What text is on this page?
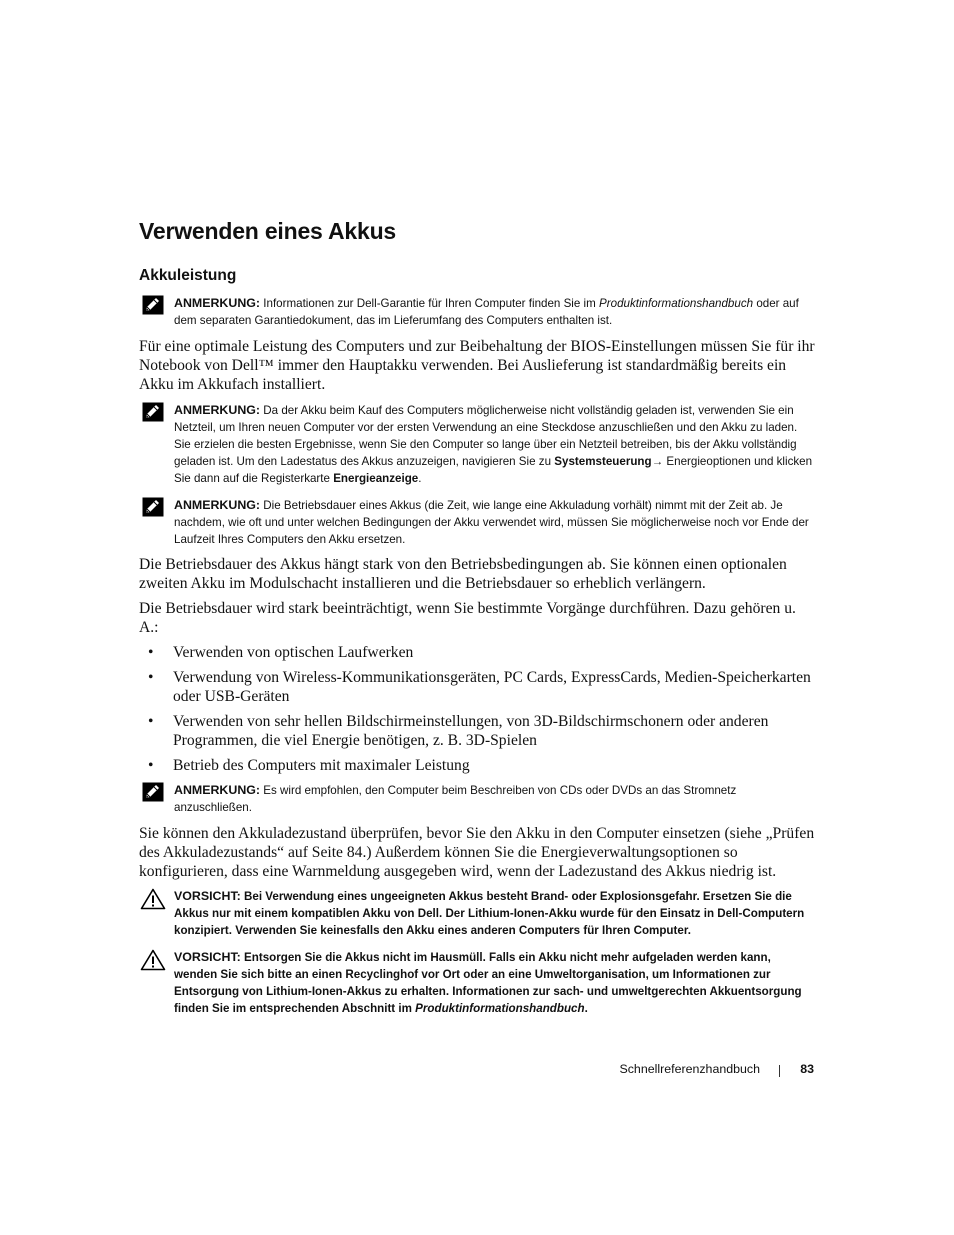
Verwenden eines Akkus
Akkuleistung
ANMERKUNG: Informationen zur Dell-Garantie für Ihren Computer finden Sie im Produktinformationshandbuch oder auf dem separaten Garantiedokument, das im Lieferumfang des Computers enthalten ist.

Für eine optimale Leistung des Computers und zur Beibehaltung der BIOS-Einstellungen müssen Sie für ihr Notebook von Dell™ immer den Hauptakku verwenden. Bei Auslieferung ist standardmäßig bereits ein Akku im Akkufach installiert.

ANMERKUNG: Da der Akku beim Kauf des Computers möglicherweise nicht vollständig geladen ist, verwenden Sie ein Netzteil, um Ihren neuen Computer vor der ersten Verwendung an eine Steckdose anzuschließen und den Akku zu laden. Sie erzielen die besten Ergebnisse, wenn Sie den Computer so lange über ein Netzteil betreiben, bis der Akku vollständig geladen ist. Um den Ladestatus des Akkus anzuzeigen, navigieren Sie zu Systemsteuerung→ Energieoptionen und klicken Sie dann auf die Registerkarte Energieanzeige.
ANMERKUNG: Die Betriebsdauer eines Akkus (die Zeit, wie lange eine Akkuladung vorhält) nimmt mit der Zeit ab. Je nachdem, wie oft und unter welchen Bedingungen der Akku verwendet wird, müssen Sie möglicherweise noch vor Ende der Laufzeit Ihres Computers den Akku ersetzen.

Die Betriebsdauer des Akkus hängt stark von den Betriebsbedingungen ab. Sie können einen optionalen zweiten Akku im Modulschacht installieren und die Betriebsdauer so erheblich verlängern.

Die Betriebsdauer wird stark beeinträchtigt, wenn Sie bestimmte Vorgänge durchführen. Dazu gehören u. A.:

• Verwenden von optischen Laufwerken
• Verwendung von Wireless-Kommunikationsgeräten, PC Cards, ExpressCards, Medien-Speicherkarten oder USB-Geräten
• Verwenden von sehr hellen Bildschirmeinstellungen, von 3D-Bildschirmschonern oder anderen Programmen, die viel Energie benötigen, z. B. 3D-Spielen
• Betrieb des Computers mit maximaler Leistung
ANMERKUNG: Es wird empfohlen, den Computer beim Beschreiben von CDs oder DVDs an das Stromnetz anzuschließen.

Sie können den Akkuladezustand überprüfen, bevor Sie den Akku in den Computer einsetzen (siehe „Prüfen des Akkuladezustands“ auf Seite 84.) Außerdem können Sie die Energieverwaltungsoptionen so konfigurieren, dass eine Warnmeldung ausgegeben wird, wenn der Ladezustand des Akkus niedrig ist.

VORSICHT: Bei Verwendung eines ungeeigneten Akkus besteht Brand- oder Explosionsgefahr. Ersetzen Sie die Akkus nur mit einem kompatiblen Akku von Dell. Der Lithium-Ionen-Akku wurde für den Einsatz in Dell-Computern konzipiert. Verwenden Sie keinesfalls den Akku eines anderen Computers für Ihren Computer.
VORSICHT: Entsorgen Sie die Akkus nicht im Hausmüll. Falls ein Akku nicht mehr aufgeladen werden kann, wenden Sie sich bitte an einen Recyclinghof vor Ort oder an eine Umweltorganisation, um Informationen zur Entsorgung von Lithium-Ionen-Akkus zu erhalten. Informationen zur sach- und umweltgerechten Akkuentsorgung finden Sie im entsprechenden Abschnitt im Produktinformationshandbuch.
Schnellreferenzhandbuch	83
